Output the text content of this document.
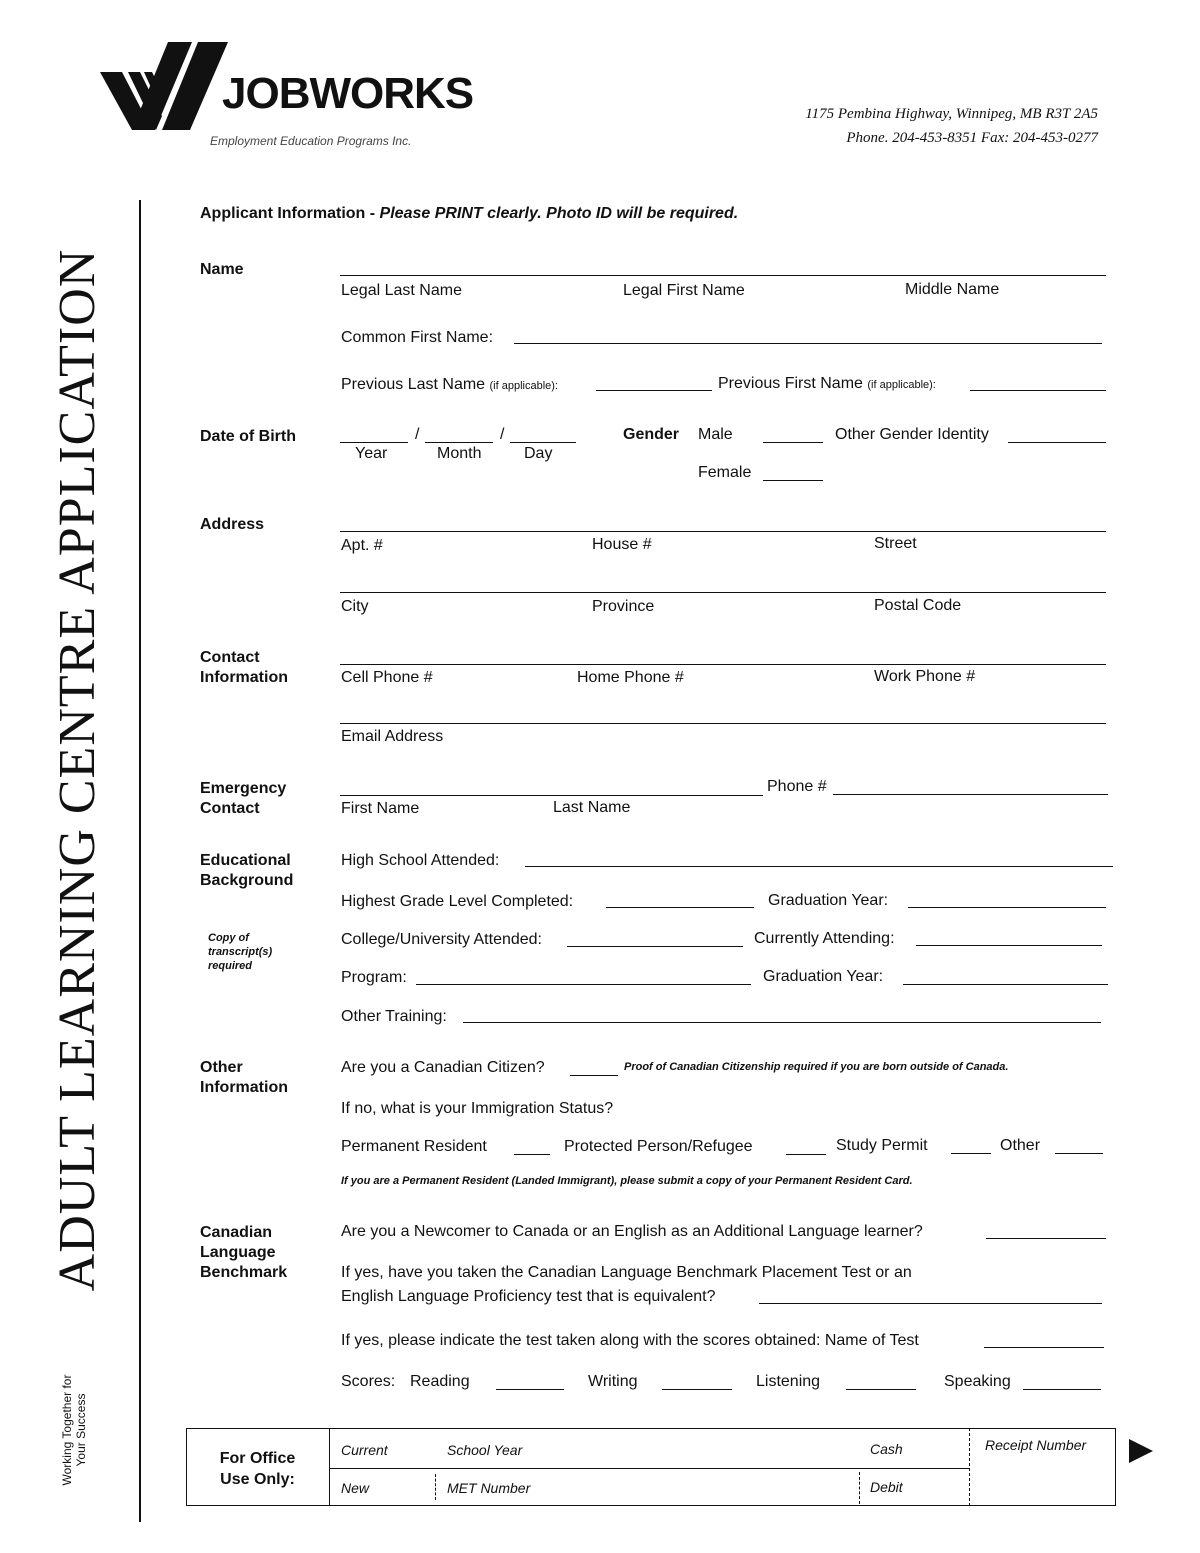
JOBWORKS
Employment Education Programs Inc.
1175 Pembina Highway, Winnipeg, MB R3T 2A5
Phone. 204-453-8351 Fax: 204-453-0277
ADULT LEARNING CENTRE APPLICATION
Working Together for Your Success
Applicant Information - Please PRINT clearly. Photo ID will be required.
Name
Legal Last Name	Legal First Name	Middle Name
Common First Name:
Previous Last Name (if applicable):	Previous First Name (if applicable):
Date of Birth	/	/
Year	Month	Day
Gender Male	Other Gender Identity
Female
Address
Apt. #	House #	Street
City	Province	Postal Code
Contact
Information	Cell Phone #	Home Phone #	Work Phone #
Email Address
Emergency
Contact
Phone #
First Name	Last Name
Educational
Background
Copy of
transcript(s)
required
High School Attended:
Highest Grade Level Completed:	Graduation Year:
College/University Attended:	Currently Attending:
Program:	Graduation Year:
Other Training:
Other
Information
Are you a Canadian Citizen?	Proof of Canadian Citizenship required if you are born outside of Canada.
If no, what is your Immigration Status?
Permanent Resident	Protected Person/Refugee	Study Permit	Other
If you are a Permanent Resident (Landed Immigrant), please submit a copy of your Permanent Resident Card.
Canadian
Language
Benchmark
Are you a Newcomer to Canada or an English as an Additional Language learner?
If yes, have you taken the Canadian Language Benchmark Placement Test or an
English Language Proficiency test that is equivalent?
If yes, please indicate the test taken along with the scores obtained: Name of Test
Scores: Reading	Writing	Listening	Speaking
For Office
Use Only:
Current	School Year	Cash	Receipt Number
New	MET Number	Debit
